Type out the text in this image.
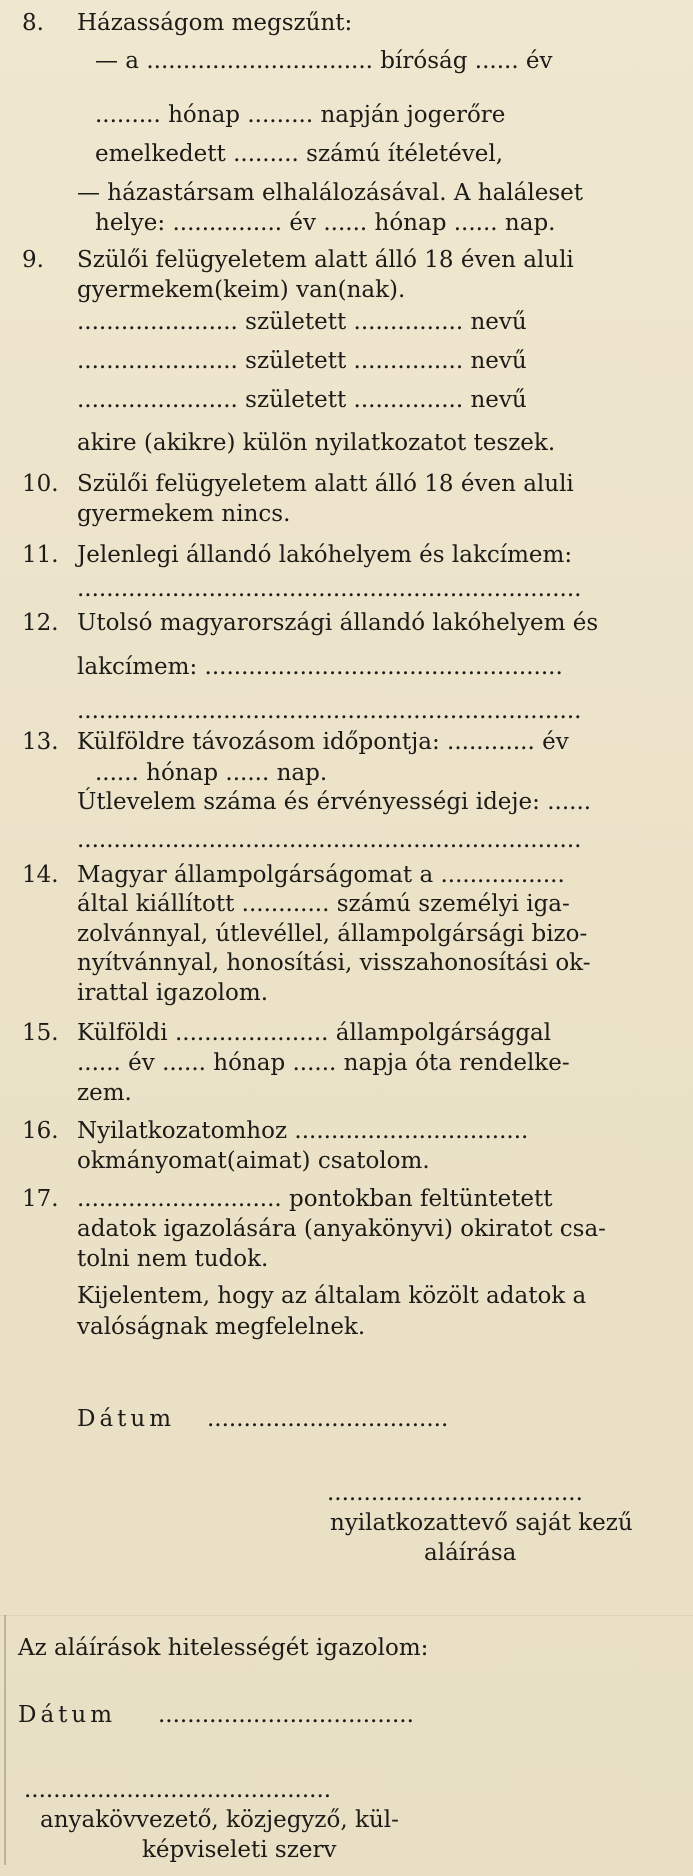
8. Házasságom megszűnt:
— a ............................... bíróság ...... év
......... hónap ......... napján jogerőre
emelkedett ......... számú ítéletével,
— házastársam elhalálozásával. A haláleset
helye: ............... év ...... hónap ...... nap.
9. Szülői felügyeletem alatt álló 18 éven aluli
gyermekem(keim) van(nak).
...................... született ............... nevű
...................... született ............... nevű
...................... született ............... nevű
akire (akikre) külön nyilatkozatot teszek.
10. Szülői felügyeletem alatt álló 18 éven aluli
gyermekem nincs.
11. Jelenlegi állandó lakóhelyem és lakcímem:
.....................................................................
12. Utolsó magyarországi állandó lakóhelyem és
lakcímem: .................................................
.....................................................................
13. Külföldre távozásom időpontja: ............ év
...... hónap ...... nap.
Útlevelem száma és érvényességi ideje: ......
.....................................................................
14. Magyar állampolgárságomat a .................
által kiállított ............ számú személyi iga-
zolvánnyal, útlevéllel, állampolgársági bizo-
nyítvánnyal, honosítási, visszahonosítási ok-
irattal igazolom.
15. Külföldi ..................... állampolgársággal
...... év ...... hónap ...... napja óta rendelke-
zem.
16. Nyilatkozatomhoz ................................
okmányomat(aimat) csatolom.
17. ............................ pontokban feltüntetett
adatok igazolására (anyakönyvi) okiratot csa-
tolni nem tudok.
Kijelentem, hogy az általam közölt adatok a
valóságnak megfelelnek.
Dátum .................................
...................................
nyilatkozattevő saját kezű
aláírása
Az aláírások hitelességét igazolom:
Dátum ...................................
..........................................
anyakövvezető, közjegyző, kül-
képviseleti szerv
